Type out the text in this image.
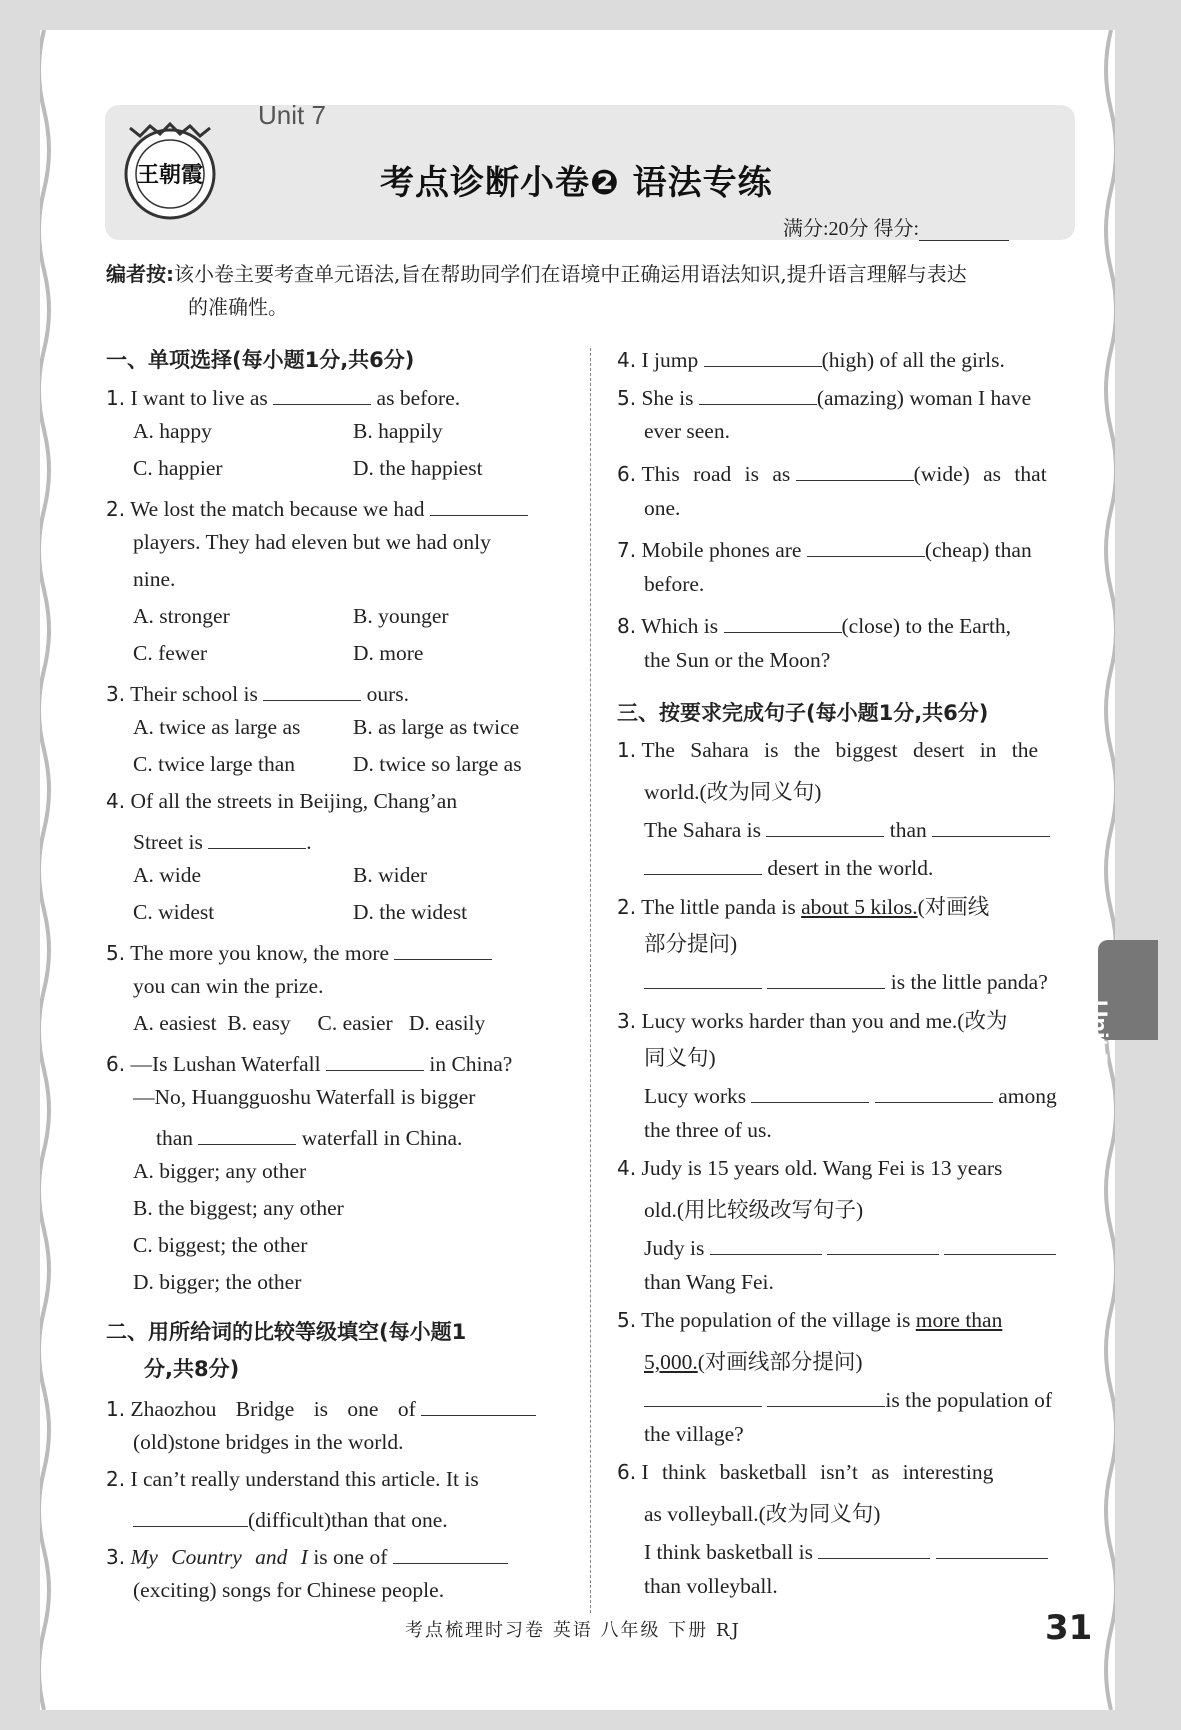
王朝霞
Unit 7
考点诊断小卷❷ 语法专练
满分:20分 得分:
编者按:该小卷主要考查单元语法,旨在帮助同学们在语境中正确运用语法知识,提升语言理解与表达
的准确性。
一、单项选择(每小题1分,共6分)
1. I want to live as	as before.
A. happy	B. happily
C. happier	D. the happiest
2. We lost the match because we had
players. They had eleven but we had only
nine.
A. stronger	B. younger
C. fewer	D. more
3. Their school is	ours.
A. twice as large as B. as large as twice
C. twice large than	D. twice so large as
4. Of all the streets in Beijing, Chang’an
Street is	.
A. wide	B. wider
C. widest	D. the widest
5. The more you know, the more
you can win the prize.
A. easiest  B. easy     C. easier   D. easily
6. —Is Lushan Waterfall	in China?
—No, Huangguoshu Waterfall is bigger
than	waterfall in China.
A. bigger; any other
B. the biggest; any other
C. biggest; the other
D. bigger; the other
二、用所给词的比较等级填空(每小题1
分,共8分)
1. Zhaozhou Bridge is one of
(old)stone bridges in the world.
2. I can’t really understand this article. It is
(difficult)than that one.
3. My Country and I is one of
(exciting) songs for Chinese people.
4. I jump	(high) of all the girls.
5. She is	(amazing) woman I have
ever seen.
6. This road is as	(wide) as that
one.
7. Mobile phones are	(cheap) than
before.
8. Which is	(close) to the Earth,
the Sun or the Moon?
三、按要求完成句子(每小题1分,共6分)
1. The Sahara is the biggest desert in the
world.(改为同义句)
The Sahara is	than
desert in the world.
2. The little panda is about 5 kilos.(对画线
部分提问)
is the little panda?
3. Lucy works harder than you and me.(改为
同义句)
Lucy works	among
the three of us.
4. Judy is 15 years old. Wang Fei is 13 years
old.(用比较级改写句子)
Judy is
than Wang Fei.
5. The population of the village is more than
5,000.(对画线部分提问)
is the population of
the village?
6. I think basketball isn’t as interesting
as volleyball.(改为同义句)
I think basketball is
than volleyball.
Unit 7
考点梳理时习卷 英语 八年级 下册 RJ	31
